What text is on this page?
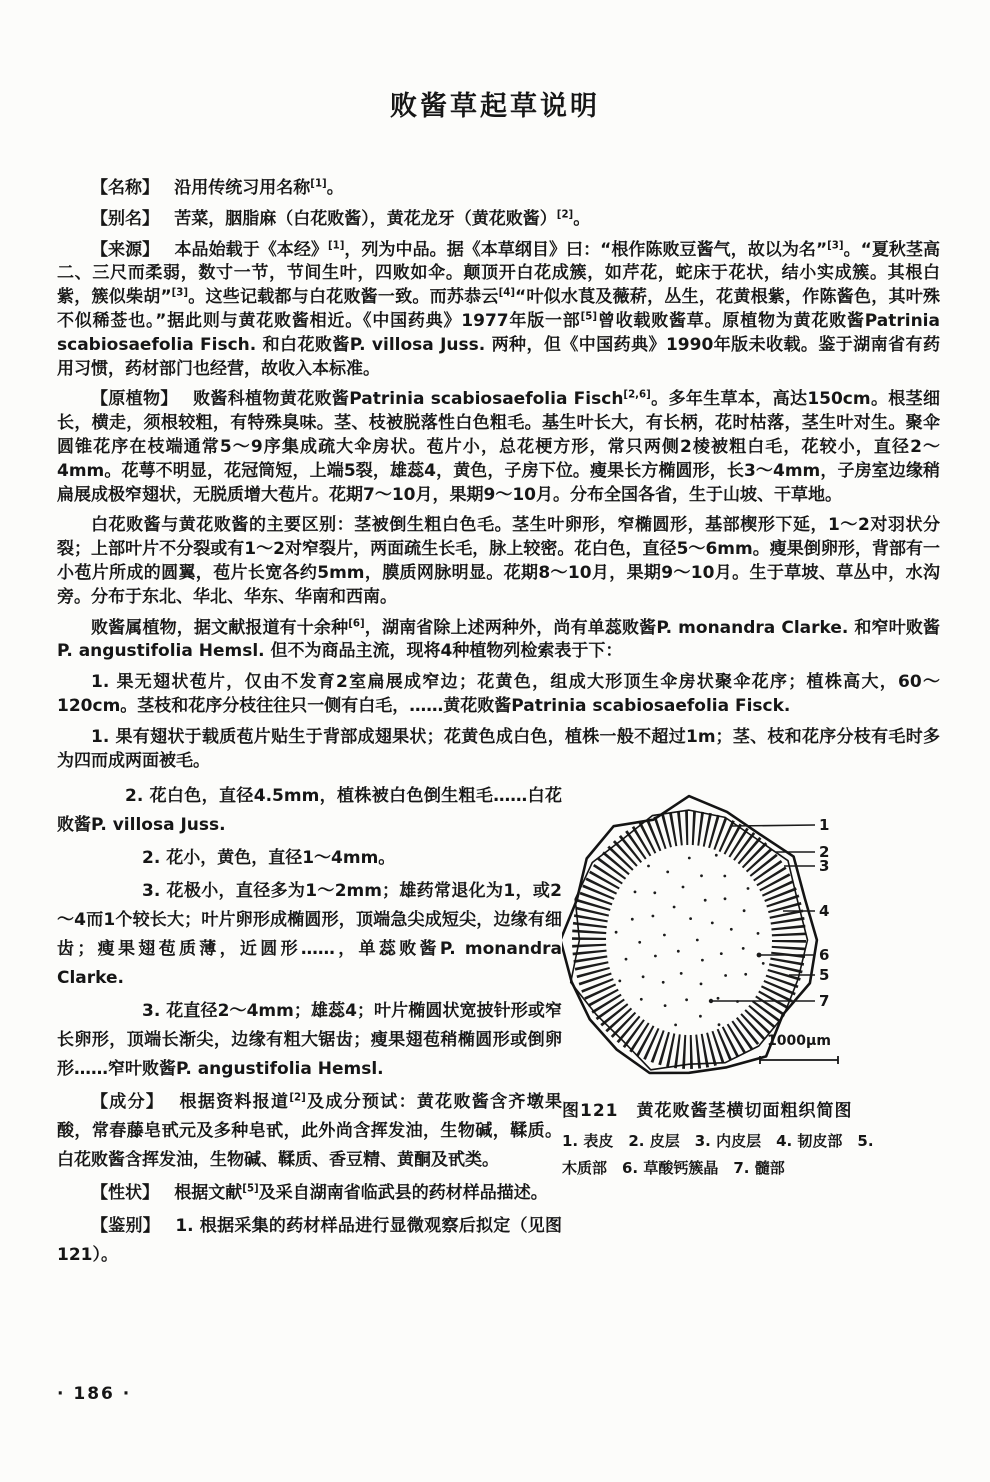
败酱草起草说明

【名称】 沿用传统习用名称[1]。

【别名】 苦菜，胭脂麻（白花败酱），黄花龙牙（黄花败酱）[2]。

【来源】 本品始载于《本经》[1]，列为中品。据《本草纲目》曰：“根作陈败豆酱气，故以为名”[3]。“夏秋茎高二、三尺而柔弱，数寸一节，节间生叶，四败如伞。颠顶开白花成簇，如芹花，蛇床于花状，结小实成簇。其根白紫，簇似柴胡”[3]。这些记载都与白花败酱一致。而苏恭云[4]“叶似水茛及薇菥，丛生，花黄根紫，作陈酱色，其叶殊不似稀莶也。”据此则与黄花败酱相近。《中国药典》1977年版一部[5]曾收载败酱草。原植物为黄花败酱Patrinia scabiosaefolia Fisch. 和白花败酱P. villosa Juss. 两种，但《中国药典》1990年版未收载。鉴于湖南省有药用习惯，药材部门也经营，故收入本标准。

【原植物】 败酱科植物黄花败酱Patrinia scabiosaefolia Fisch[2,6]。多年生草本，高达150cm。根茎细长，横走，须根较粗，有特殊臭味。茎、枝被脱落性白色粗毛。基生叶长大，有长柄，花时枯落，茎生叶对生。聚伞圆锥花序在枝端通常5～9序集成疏大伞房状。苞片小，总花梗方形，常只两侧2棱被粗白毛，花较小，直径2～4mm。花萼不明显，花冠筒短，上端5裂，雄蕊4，黄色，子房下位。瘦果长方椭圆形，长3～4mm，子房室边缘稍扁展成极窄翅状，无脱质增大苞片。花期7～10月，果期9～10月。分布全国各省，生于山坡、干草地。

白花败酱与黄花败酱的主要区别：茎被倒生粗白色毛。茎生叶卵形，窄椭圆形，基部楔形下延，1～2对羽状分裂；上部叶片不分裂或有1～2对窄裂片，两面疏生长毛，脉上较密。花白色，直径5～6mm。瘦果倒卵形，背部有一小苞片所成的圆翼，苞片长宽各约5mm，膜质网脉明显。花期8～10月，果期9～10月。生于草坡、草丛中，水沟旁。分布于东北、华北、华东、华南和西南。

败酱属植物，据文献报道有十余种[6]，湖南省除上述两种外，尚有单蕊败酱P. monandra Clarke. 和窄叶败酱P. angustifolia Hemsl. 但不为商品主流，现将4种植物列检索表于下：

1. 果无翅状苞片，仅由不发育2室扁展成窄边；花黄色，组成大形顶生伞房状聚伞花序；植株高大，60～120cm。茎枝和花序分枝往往只一侧有白毛，……黄花败酱Patrinia scabiosaefolia Fisck.

1. 果有翅状于载质苞片贴生于背部成翅果状；花黄色成白色，植株一般不超过1m；茎、枝和花序分枝有毛时多为四而成两面被毛。

2. 花白色，直径4.5mm，植株被白色倒生粗毛……白花败酱P. villosa Juss.

2. 花小，黄色，直径1～4mm。

3. 花极小，直径多为1～2mm；雄药常退化为1，或2～4而1个较长大；叶片卵形成椭圆形，顶端急尖成短尖，边缘有细齿；瘦果翅苞质薄，近圆形……，单蕊败酱P. monandra Clarke.

3. 花直径2～4mm；雄蕊4；叶片椭圆状宽披针形或窄长卵形，顶端长渐尖，边缘有粗大锯齿；瘦果翅苞稍椭圆形或倒卵形……窄叶败酱P. angustifolia Hemsl.

【成分】 根据资料报道[2]及成分预试：黄花败酱含齐墩果酸，常春藤皂甙元及多种皂甙，此外尚含挥发油，生物碱，鞣质。白花败酱含挥发油，生物碱、鞣质、香豆精、黄酮及甙类。

【性状】 根据文献[5]及采自湖南省临武县的药材样品描述。

【鉴别】 1. 根据采集的药材样品进行显微观察后拟定（见图121）。

1
2
3
4
6
5
7
1000μm
图121　黄花败酱茎横切面粗织简图
1. 表皮　2. 皮层　3. 内皮层　4. 韧皮部　5. 木质部　6. 草酸钙簇晶　7. 髓部
· 186 ·
